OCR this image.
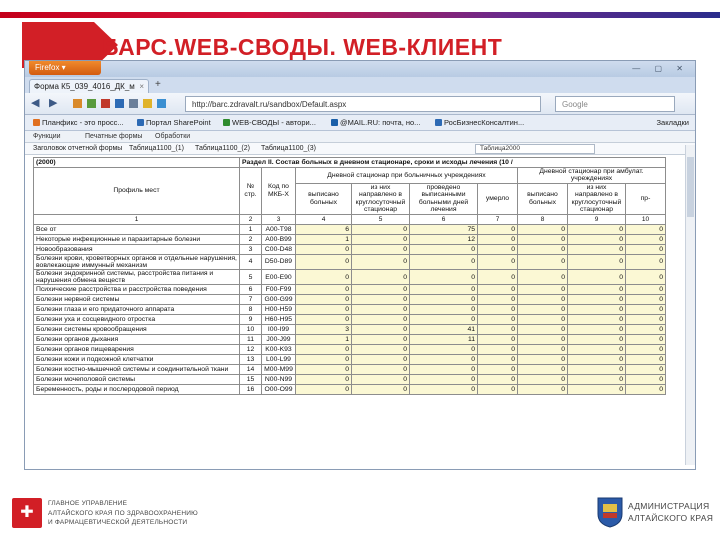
БАРС.WEB-СВОДЫ. WEB-КЛИЕНТ
Firefox ▾	— ▢ ✕
Форма К5_039_4016_ДК_м × +
◀ ▶	http://barс.zdravalt.ru/sandbox/Default.aspx	Google
Планфикс - это просс...	Портал SharePoint	WEB-СВОДЫ - автори...	@MAIL.RU: почта, но...	РосБизнесКонсалтин...	Закладки
Функции	Печатные формы Обработки
Заголовок отчетной формы Таблица1100_(1) Таблица1100_(2) Таблица1100_(3)	Таблица2000
(2000)	Раздел II. Состав больных в дневном стационаре, сроки и исходы лечения (10 /								
Профиль мест	№ стр.	Код по МКБ-Х	Дневной стационар при больничных учреждениях				Дневной стационар при амбулат. учреждениях		
			выписано больных	из них направлено в круглосуточный стационар	проведено выписанными больными дней лечения	умерло	выписано больных	из них направлено в круглосуточный стационар	пр-

1	2	3	4	5	6	7	8	9	10
Все от	1	A00-T98	6	0	75	0	0	0	0
Некоторые инфекционные и паразитарные болезни	2	A00-B99	1	0	12	0	0	0	0
Новообразования	3	C00-D48	0	0	0	0	0	0	0
Болезни крови, кроветворных органов и отдельные нарушения, вовлекающие иммунный механизм	4	D50-D89	0	0	0	0	0	0	0
Болезни эндокринной системы, расстройства питания и нарушения обмена веществ	5	E00-E90	0	0	0	0	0	0	0
Психические расстройства и расстройства поведения	6	F00-F99	0	0	0	0	0	0	0
Болезни нервной системы	7	G00-G99	0	0	0	0	0	0	0
Болезни глаза и его придаточного аппарата	8	H00-H59	0	0	0	0	0	0	0
Болезни уха и сосцевидного отростка	9	H60-H95	0	0	0	0	0	0	0
Болезни системы кровообращения	10	I00-I99	3	0	41	0	0	0	0
Болезни органов дыхания	11	J00-J99	1	0	11	0	0	0	0
Болезни органов пищеварения	12	K00-K93	0	0	0	0	0	0	0
Болезни кожи и подкожной клетчатки	13	L00-L99	0	0	0	0	0	0	0
Болезни костно-мышечной системы и соединительной ткани	14	M00-M99	0	0	0	0	0	0	0
Болезни мочеполовой системы	15	N00-N99	0	0	0	0	0	0	0
Беременность, роды и послеродовой период	16	O00-O99	0	0	0	0	0	0	0
✚
ГЛАВНОЕ УПРАВЛЕНИЕ
АЛТАЙСКОГО КРАЯ ПО ЗДРАВООХРАНЕНИЮ
И ФАРМАЦЕВТИЧЕСКОЙ ДЕЯТЕЛЬНОСТИ
АДМИНИСТРАЦИЯ
АЛТАЙСКОГО КРАЯ
